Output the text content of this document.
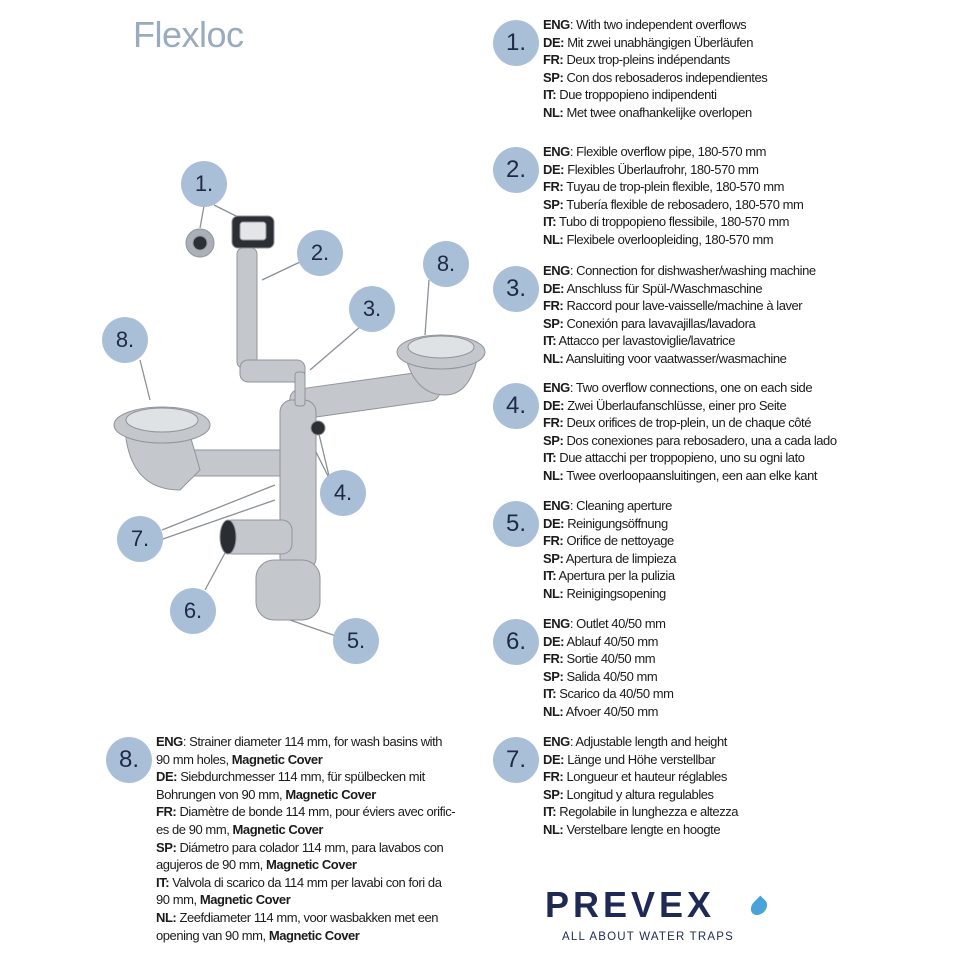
Flexloc
1.
2.	8.
3.
8.
4.
7.
6.
5.
1.
ENG: With two independent overflows
DE: Mit zwei unabhängigen Überläufen
FR: Deux trop-pleins indépendants
SP: Con dos rebosaderos independientes
IT: Due troppopieno indipendenti
NL: Met twee onafhankelijke overlopen
2.
ENG: Flexible overflow pipe, 180-570 mm
DE: Flexibles Überlaufrohr, 180-570 mm
FR: Tuyau de trop-plein flexible, 180-570 mm
SP: Tubería flexible de rebosadero, 180-570 mm
IT: Tubo di troppopieno flessibile, 180-570 mm
NL: Flexibele overloopleiding, 180-570 mm
3.
ENG: Connection for dishwasher/washing machine
DE: Anschluss für Spül-/Waschmaschine
FR: Raccord pour lave-vaisselle/machine à laver
SP: Conexión para lavavajillas/lavadora
IT: Attacco per lavastoviglie/lavatrice
NL: Aansluiting voor vaatwasser/wasmachine
4.
ENG: Two overflow connections, one on each side
DE: Zwei Überlaufanschlüsse, einer pro Seite
FR: Deux orifices de trop-plein, un de chaque côté
SP: Dos conexiones para rebosadero, una a cada lado
IT: Due attacchi per troppopieno, uno su ogni lato
NL: Twee overloopaansluitingen, een aan elke kant
5.
ENG: Cleaning aperture
DE: Reinigungsöffnung
FR: Orifice de nettoyage
SP: Apertura de limpieza
IT: Apertura per la pulizia
NL: Reinigingsopening
6.
ENG: Outlet 40/50 mm
DE: Ablauf 40/50 mm
FR: Sortie 40/50 mm
SP: Salida 40/50 mm
IT: Scarico da 40/50 mm
NL: Afvoer 40/50 mm
7.
ENG: Adjustable length and height
DE: Länge und Höhe verstellbar
FR: Longueur et hauteur réglables
SP: Longitud y altura regulables
IT: Regolabile in lunghezza e altezza
NL: Verstelbare lengte en hoogte
8.
ENG: Strainer diameter 114 mm, for wash basins with
90 mm holes, Magnetic Cover
DE: Siebdurchmesser 114 mm, für spülbecken mit
Bohrungen von 90 mm, Magnetic Cover
FR: Diamètre de bonde 114 mm, pour éviers avec orific-
es de 90 mm, Magnetic Cover
SP: Diámetro para colador 114 mm, para lavabos con
agujeros de 90 mm, Magnetic Cover
IT: Valvola di scarico da 114 mm per lavabi con fori da
90 mm, Magnetic Cover
NL: Zeefdiameter 114 mm, voor wasbakken met een
opening van 90 mm, Magnetic Cover
PREVEX
ALL ABOUT WATER TRAPS
